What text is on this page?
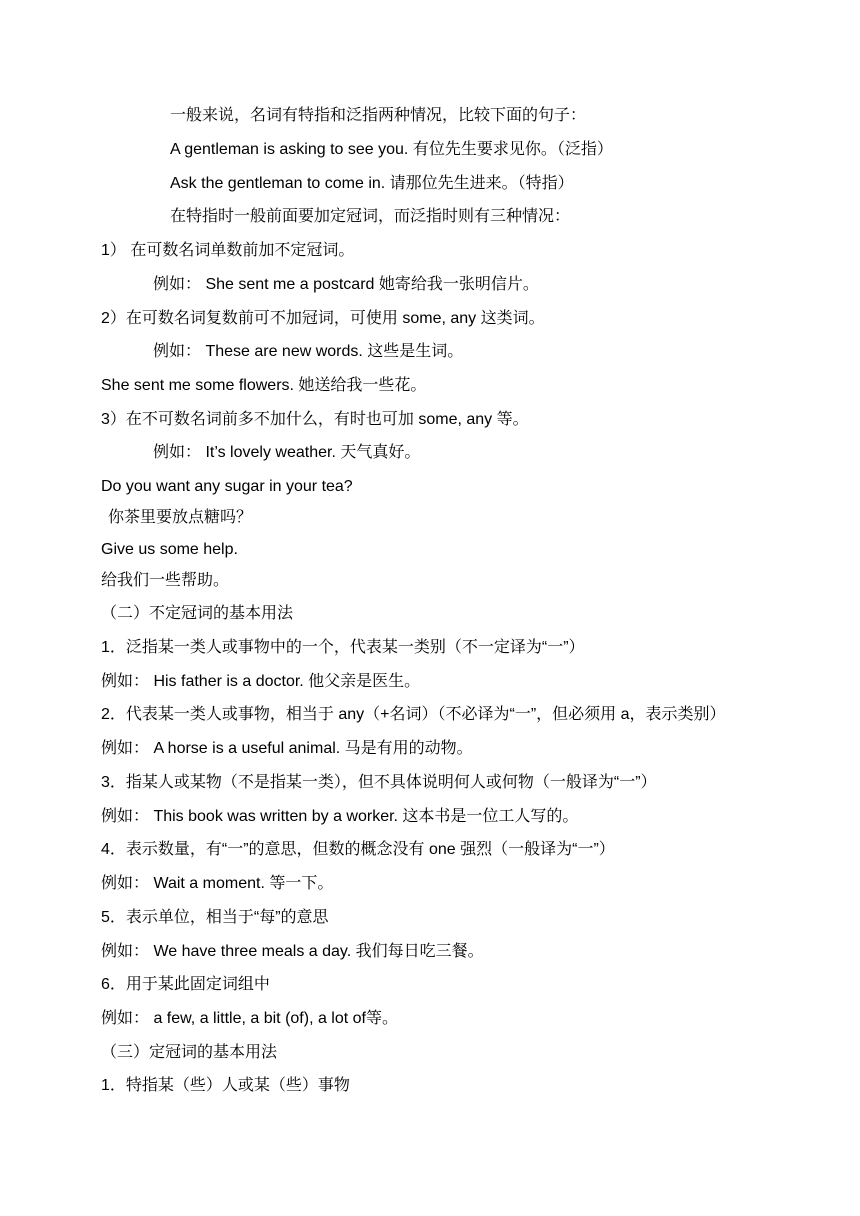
一般来说，名词有特指和泛指两种情况，比较下面的句子：
A gentleman is asking to see you. 有位先生要求见你。（泛指）
Ask the gentleman to come in. 请那位先生进来。（特指）
在特指时一般前面要加定冠词，而泛指时则有三种情况：
1） 在可数名词单数前加不定冠词。
例如： She sent me a postcard 她寄给我一张明信片。
2）在可数名词复数前可不加冠词，可使用 some, any 这类词。
例如： These are new words. 这些是生词。
She sent me some flowers. 她送给我一些花。
3）在不可数名词前多不加什么，有时也可加 some, any 等。
例如： It’s lovely weather. 天气真好。
Do you want any sugar in your tea?
你茶里要放点糖吗？
Give us some help.
给我们一些帮助。
（二）不定冠词的基本用法
1．泛指某一类人或事物中的一个，代表某一类别（不一定译为“一”）
例如： His father is a doctor. 他父亲是医生。
2．代表某一类人或事物，相当于 any（+名词）（不必译为“一”，但必须用 a，表示类别）
例如： A horse is a useful animal. 马是有用的动物。
3．指某人或某物（不是指某一类），但不具体说明何人或何物（一般译为“一”）
例如： This book was written by a worker. 这本书是一位工人写的。
4．表示数量，有“一”的意思，但数的概念没有 one 强烈（一般译为“一”）
例如： Wait a moment. 等一下。
5．表示单位，相当于“每”的意思
例如： We have three meals a day. 我们每日吃三餐。
6．用于某此固定词组中
例如： a few, a little, a bit (of), a lot of等。
（三）定冠词的基本用法
1．特指某（些）人或某（些）事物
